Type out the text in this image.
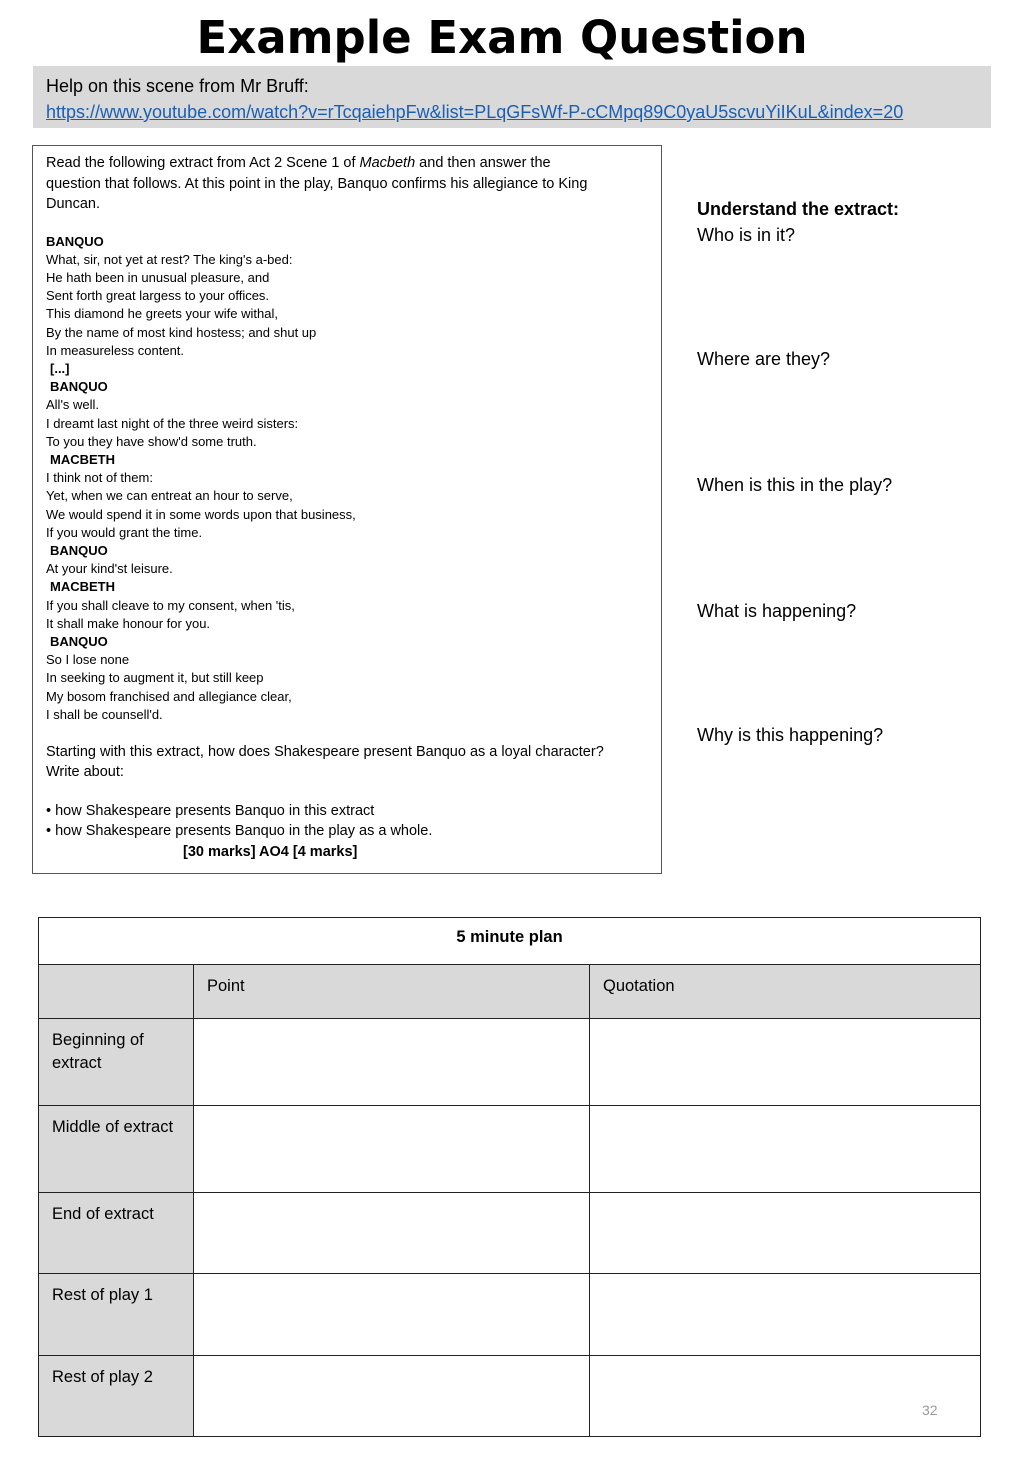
Example Exam Question
Help on this scene from Mr Bruff:
https://www.youtube.com/watch?v=rTcqaiehpFw&list=PLqGFsWf-P-cCMpq89C0yaU5scvuYiIKuL&index=20
Read the following extract from Act 2 Scene 1 of Macbeth and then answer the
question that follows. At this point in the play, Banquo confirms his allegiance to King
Duncan.
BANQUO
What, sir, not yet at rest? The king's a-bed:
He hath been in unusual pleasure, and
Sent forth great largess to your offices.
This diamond he greets your wife withal,
By the name of most kind hostess; and shut up
In measureless content.
[...]
BANQUO
All's well.
I dreamt last night of the three weird sisters:
To you they have show'd some truth.
MACBETH
I think not of them:
Yet, when we can entreat an hour to serve,
We would spend it in some words upon that business,
If you would grant the time.
BANQUO
At your kind'st leisure.
MACBETH
If you shall cleave to my consent, when 'tis,
It shall make honour for you.
BANQUO
So I lose none
In seeking to augment it, but still keep
My bosom franchised and allegiance clear,
I shall be counsell'd.
Starting with this extract, how does Shakespeare present Banquo as a loyal character?
Write about:
• how Shakespeare presents Banquo in this extract
• how Shakespeare presents Banquo in the play as a whole.
[30 marks] AO4 [4 marks]
Understand the extract:
Who is in it?
Where are they?
When is this in the play?
What is happening?
Why is this happening?
5 minute plan		
	Point	Quotation
Beginning of extract		
Middle of extract		
End of extract		
Rest of play 1		
Rest of play 2		
32
